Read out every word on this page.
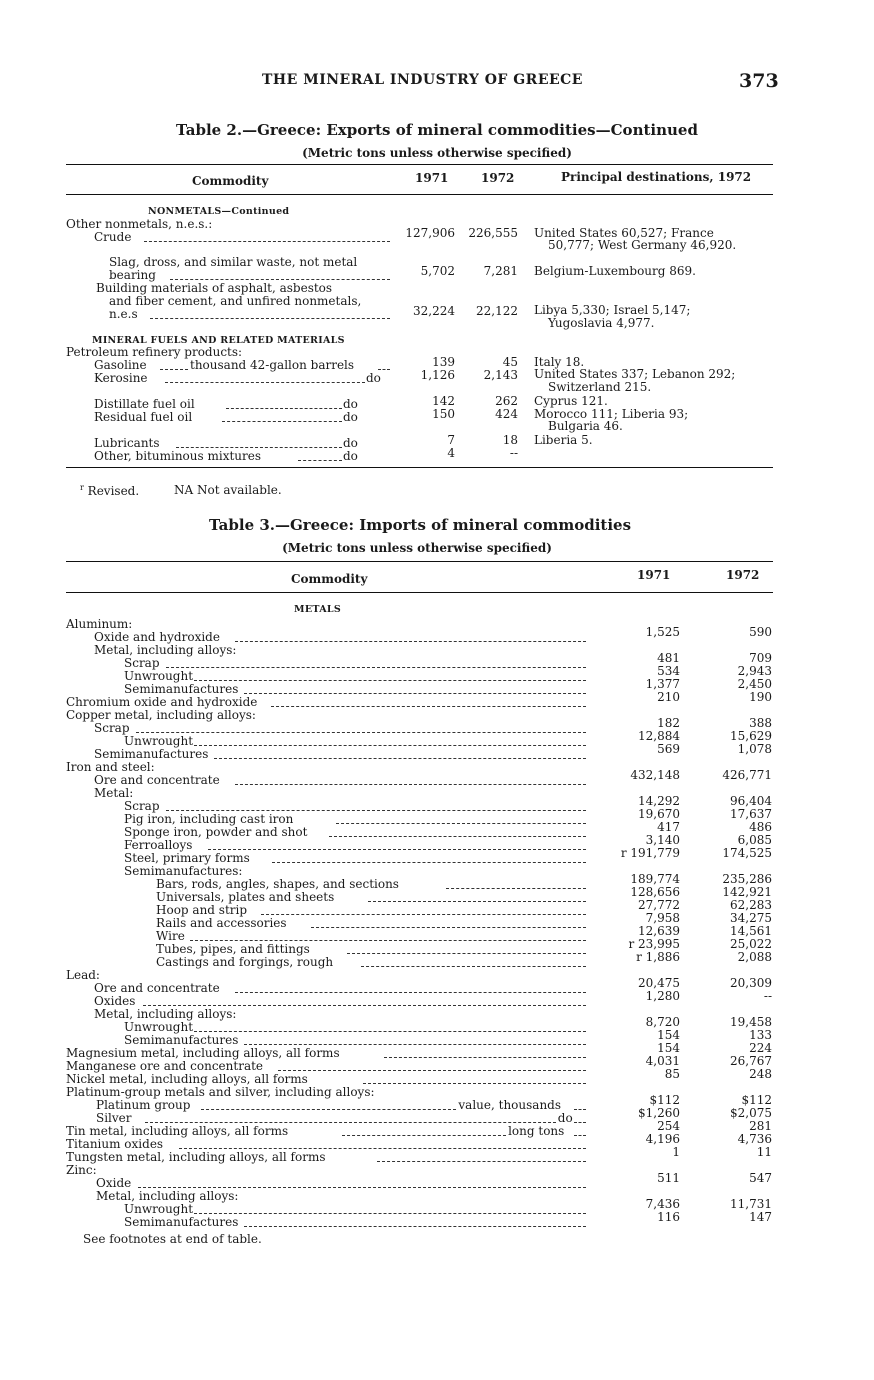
THE MINERAL INDUSTRY OF GREECE	373
Table 2.—Greece: Exports of mineral commodities—Continued
(Metric tons unless otherwise specified)
Commodity	1971	1972	Principal destinations, 1972
NONMETALS—Continued
Other nonmetals, n.e.s.:
Crude	127,906	226,555 United States 60,527; France
50,777; West Germany 46,920.
Slag, dross, and similar waste, not metal
bearing	5,702	7,281 Belgium-Luxembourg 869.
Building materials of asphalt, asbestos
and fiber cement, and unfired nonmetals,
n.e.s	32,224	22,122 Libya 5,330; Israel 5,147;
Yugoslavia 4,977.
MINERAL FUELS AND RELATED MATERIALS
Petroleum refinery products:
Gasoline	thousand 42-gallon barrels	139	45 Italy 18.
Kerosine	do	1,126	2,143 United States 337; Lebanon 292;
Switzerland 215.
Distillate fuel oil	do	142	262 Cyprus 121.
Residual fuel oil	do	150	424 Morocco 111; Liberia 93;
Bulgaria 46.
Lubricants	do	7	18 Liberia 5.
Other, bituminous mixtures	do	4	--
$^r$ Revised.	NA Not available.
Table 3.—Greece: Imports of mineral commodities
(Metric tons unless otherwise specified)
Commodity	1971	1972
METALS
Aluminum:
Oxide and hydroxide	1,525	590
Metal, including alloys:
Scrap	481	709
Unwrought	534	2,943
Semimanufactures	1,377	2,450
Chromium oxide and hydroxide	210	190
Copper metal, including alloys:
Scrap	182	388
Unwrought	12,884	15,629
Semimanufactures	569	1,078
Iron and steel:
Ore and concentrate	432,148	426,771
Metal:
Scrap	14,292	96,404
Pig iron, including cast iron	19,670	17,637
Sponge iron, powder and shot	417	486
Ferroalloys	3,140	6,085
Steel, primary forms	r 191,779	174,525
Semimanufactures:
Bars, rods, angles, shapes, and sections	189,774	235,286
Universals, plates and sheets	128,656	142,921
Hoop and strip	27,772	62,283
Rails and accessories	7,958	34,275
Wire	12,639	14,561
Tubes, pipes, and fittings	r 23,995	25,022
Castings and forgings, rough	r 1,886	2,088
Lead:
Ore and concentrate	20,475	20,309
Oxides	1,280	--
Metal, including alloys:
Unwrought	8,720	19,458
Semimanufactures	154	133
Magnesium metal, including alloys, all forms	154	224
Manganese ore and concentrate	4,031	26,767
Nickel metal, including alloys, all forms	85	248
Platinum-group metals and silver, including alloys:
Platinum group	value, thousands	$112	$112
Silver	do	$1,260	$2,075
Tin metal, including alloys, all forms	long tons	254	281
Titanium oxides	4,196	4,736
Tungsten metal, including alloys, all forms	1	11
Zinc:
Oxide	511	547
Metal, including alloys:
Unwrought	7,436	11,731
Semimanufactures	116	147
See footnotes at end of table.
